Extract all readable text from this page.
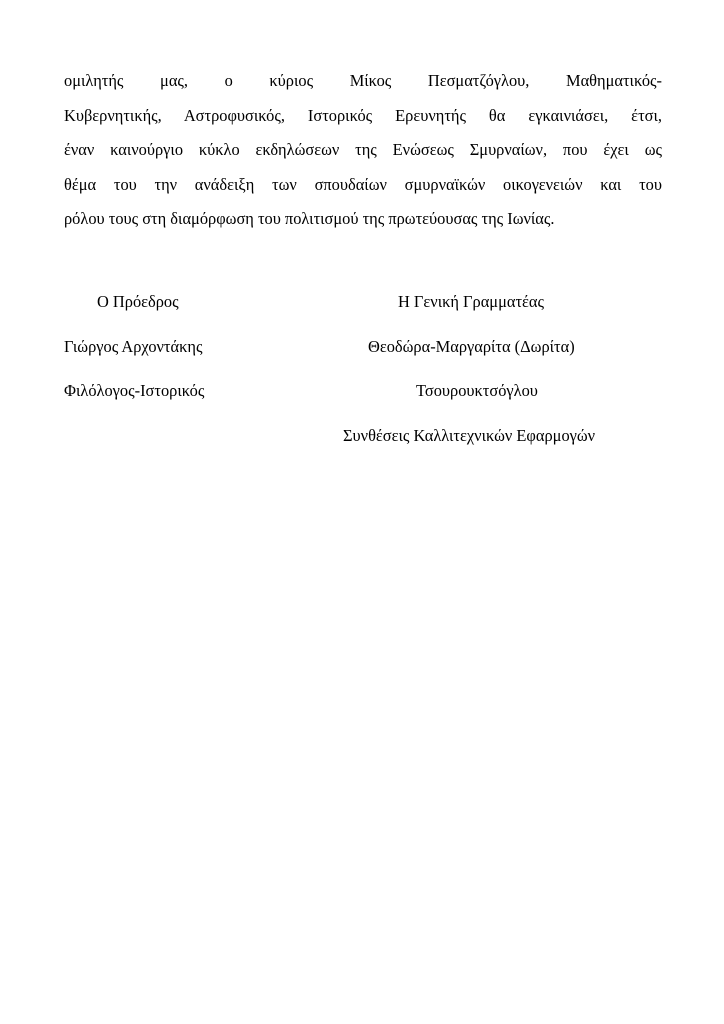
ομιλητής μας, ο κύριος Μίκος Πεσματζόγλου, Μαθηματικός-
Κυβερνητικής, Αστροφυσικός, Ιστορικός Ερευνητής θα εγκαινιάσει, έτσι,
έναν καινούργιο κύκλο εκδηλώσεων της Ενώσεως Σμυρναίων, που έχει ως
θέμα του την ανάδειξη των σπουδαίων σμυρναϊκών οικογενειών και του
ρόλου τους στη διαμόρφωση του πολιτισμού της πρωτεύουσας της Ιωνίας.
Ο Πρόεδρος
Γιώργος Αρχοντάκης
Φιλόλογος-Ιστορικός
Η Γενική Γραμματέας
Θεοδώρα-Μαργαρίτα (Δωρίτα)
Τσουρουκτσόγλου
Συνθέσεις Καλλιτεχνικών Εφαρμογών
